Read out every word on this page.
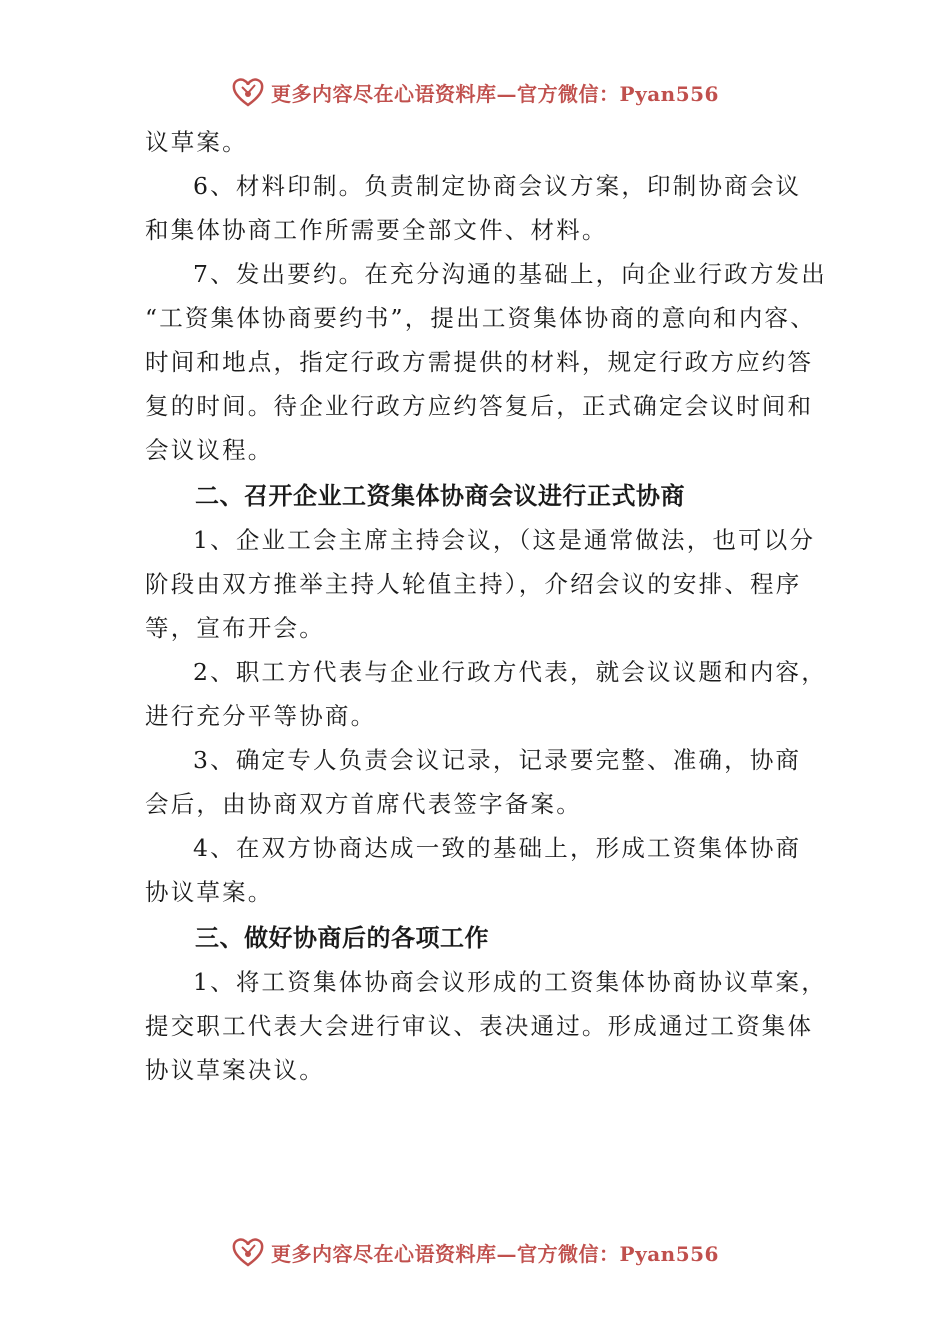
更多内容尽在心语资料库—官方微信：Pyan556

议草案。

6、材料印制。负责制定协商会议方案，印制协商会议

和集体协商工作所需要全部文件、材料。

7、发出要约。在充分沟通的基础上，向企业行政方发出

“工资集体协商要约书”，提出工资集体协商的意向和内容、时间和地点，指定行政方需提供的材料，规定行政方应约答复的时间。待企业行政方应约答复后，正式确定会议时间和会议议程。

二、召开企业工资集体协商会议进行正式协商

1、企业工会主席主持会议，（这是通常做法，也可以分阶段由双方推举主持人轮值主持），介绍会议的安排、程序等，宣布开会。

2、职工方代表与企业行政方代表，就会议议题和内容，

进行充分平等协商。

3、确定专人负责会议记录，记录要完整、准确，协商

会后，由协商双方首席代表签字备案。

4、在双方协商达成一致的基础上，形成工资集体协商

协议草案。

三、做好协商后的各项工作

1、将工资集体协商会议形成的工资集体协商协议草案，提交职工代表大会进行审议、表决通过。形成通过工资集体协议草案决议。

更多内容尽在心语资料库—官方微信：Pyan556
